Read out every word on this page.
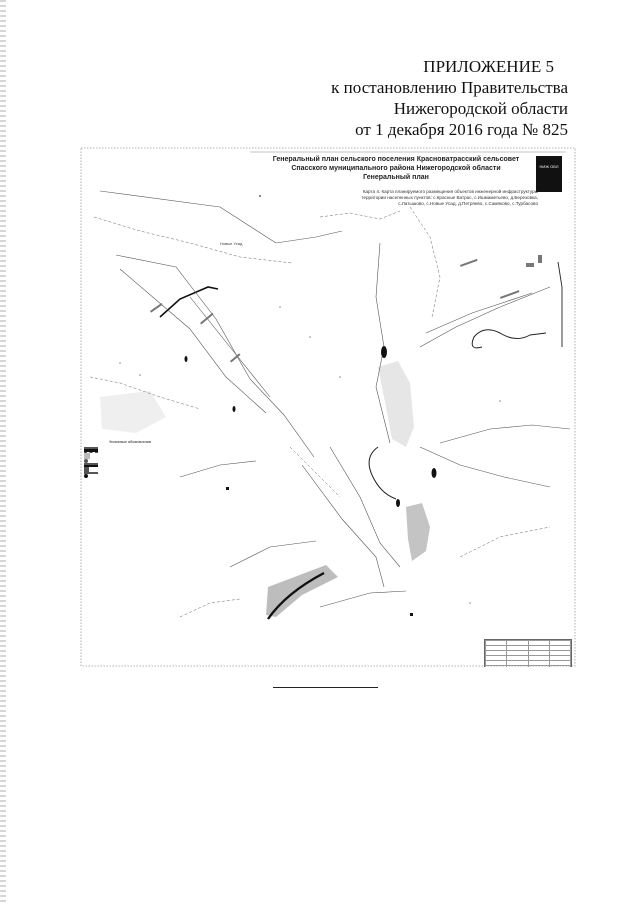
ПРИЛОЖЕНИЕ 5
к постановлению Правительства
Нижегородской области
от 1 декабря 2016 года № 825
Генеральный план сельского поселения Красноватрасский сельсовет
Спасского муниципального района Нижегородской области
Генеральный план
НИЖ ОБЛ
Карта 4. Карта планируемого размещения объектов инженерной инфраструктуры
территории населенных пунктов: с.Красные Ватрас, с.Ишмаметьево, д.Березовка,
с.Латышово, с.Новые Усад, д.Петряево, с.Самяково, с.Турбасово
Новые Усад
Условные обозначения
